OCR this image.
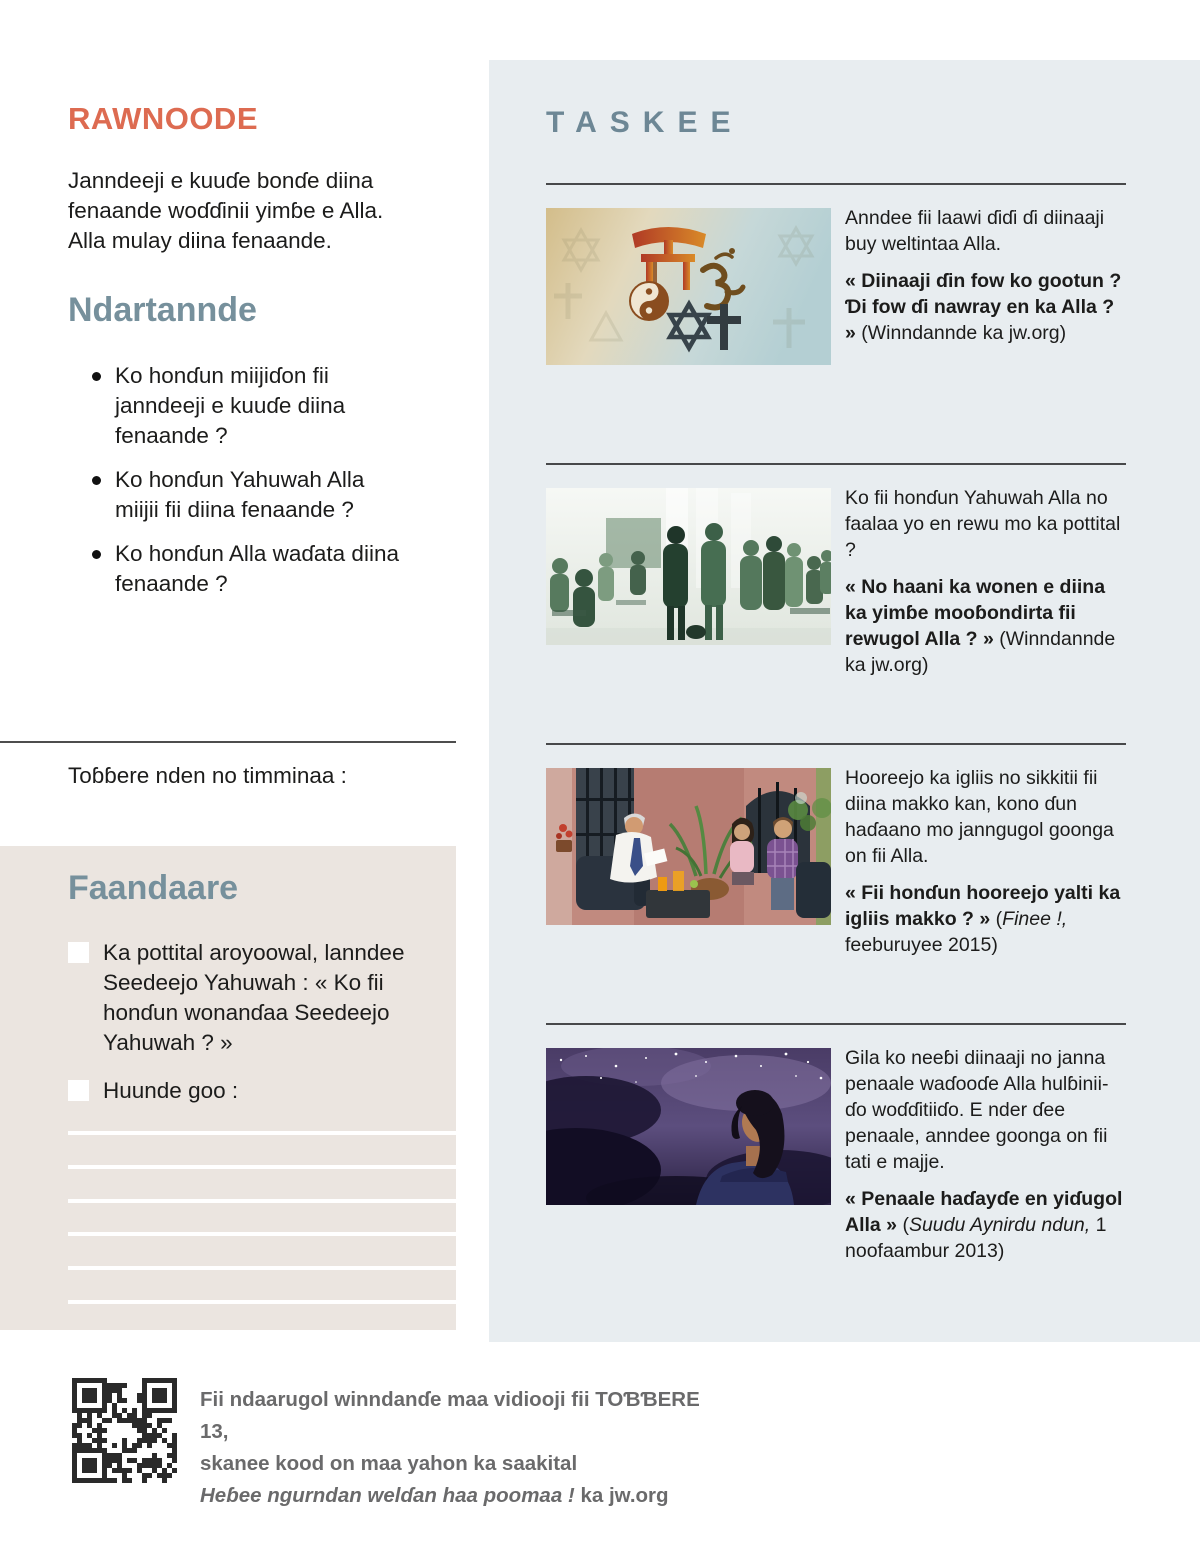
TASKEE

Anndee fii laawi ɗiɗi ɗi diinaaji buy weltintaa Alla.

« Diinaaji ɗin fow ko gootun ? Ɗi fow ɗi nawray en ka Alla ? » (Winndannde ka jw.org)

Ko fii honɗun Yahuwah Alla no faalaa yo en rewu mo ka pottital ?

« No haani ka wonen e diina ka yimɓe mooɓondirta fii rewugol Alla ? » (Winndannde ka jw.org)

Hooreejo ka igliis no sikkitii fii diina makko kan, kono ɗun haɗaano mo janngugol goonga on fii Alla.

« Fii honɗun hooreejo yalti ka igliis makko ? » (Finee !, feeburuyee 2015)

Gila ko neeɓi diinaaji no janna penaale waɗooɗe Alla hulɓinii-ɗo woɗɗitiiɗo. E nder ɗee penaale, anndee goonga on fii tati e majje.

« Penaale haɗayɗe en yiɗugol Alla » (Suudu Aynirdu ndun, 1 noofaambur 2013)

RAWNOODE

Janndeeji e kuuɗe bonɗe diina fenaande woɗɗinii yimɓe e Alla. Alla mulay diina fenaande.

Ndartannde
Ko honɗun miijiɗon fii janndeeji e kuuɗe diina fenaande ?
Ko honɗun Yahuwah Alla miijii fii diina fenaande ?
Ko honɗun Alla waɗata diina fenaande ?

Toɓɓere nden no timminaa :

Faandaare
Ka pottital aroyoowal, lanndee Seedeejo Yahuwah : « Ko fii honɗun wonanɗaa Seedeejo Yahuwah ? »
Huunde goo :
Fii ndaarugol winndanɗe maa vidiooji fii TOƁƁERE 13,
skanee kood on maa yahon ka saakital
Heɓee ngurndan welɗan haa poomaa ! ka jw.org
